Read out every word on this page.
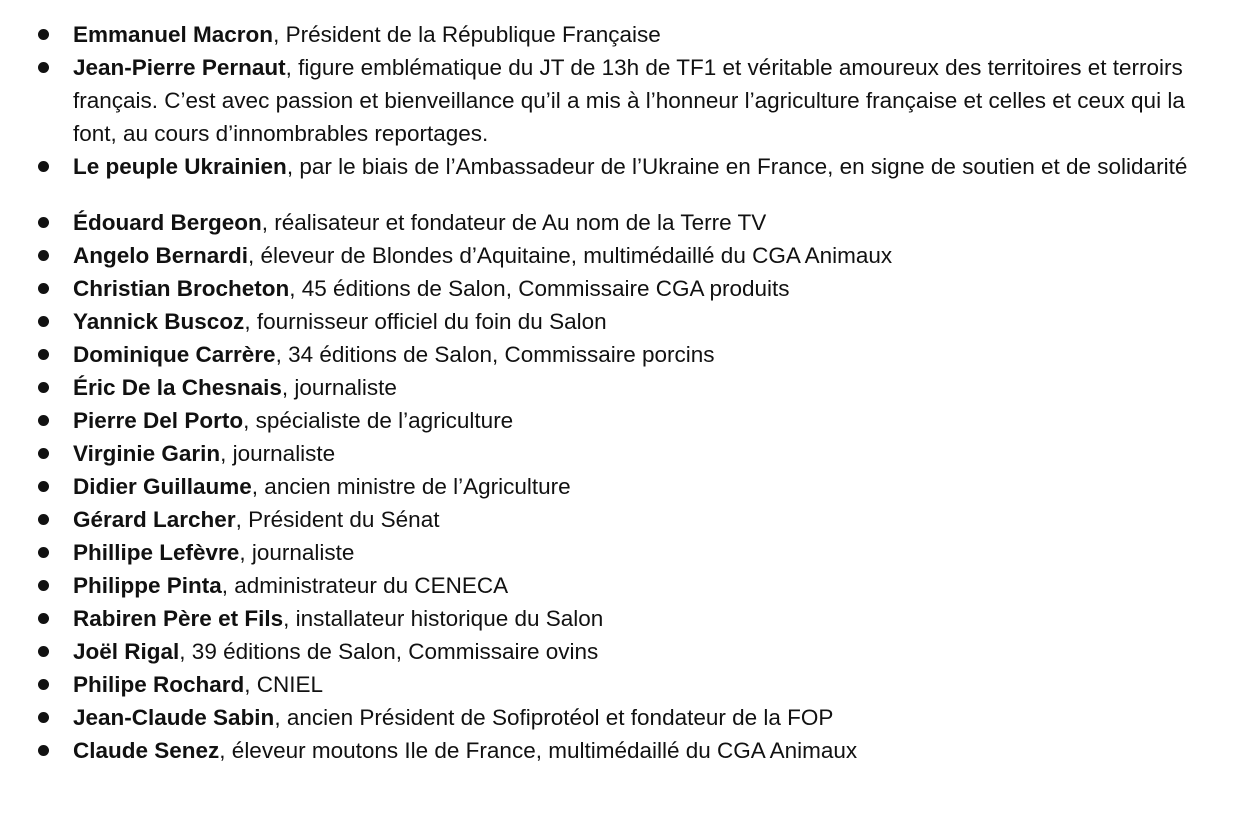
Emmanuel Macron, Président de la République Française
Jean-Pierre Pernaut, figure emblématique du JT de 13h de TF1 et véritable amoureux des territoires et terroirs français. C’est avec passion et bienveillance qu’il a mis à l’honneur l’agriculture française et celles et ceux qui la font, au cours d’innombrables reportages.
Le peuple Ukrainien, par le biais de l’Ambassadeur de l’Ukraine en France, en signe de soutien et de solidarité
Édouard Bergeon, réalisateur et fondateur de Au nom de la Terre TV
Angelo Bernardi, éleveur de Blondes d’Aquitaine, multimédaillé du CGA Animaux
Christian Brocheton, 45 éditions de Salon, Commissaire CGA produits
Yannick Buscoz, fournisseur officiel du foin du Salon
Dominique Carrère, 34 éditions de Salon, Commissaire porcins
Éric De la Chesnais, journaliste
Pierre Del Porto, spécialiste de l’agriculture
Virginie Garin, journaliste
Didier Guillaume, ancien ministre de l’Agriculture
Gérard Larcher, Président du Sénat
Phillipe Lefèvre, journaliste
Philippe Pinta, administrateur du CENECA
Rabiren Père et Fils, installateur historique du Salon
Joël Rigal, 39 éditions de Salon, Commissaire ovins
Philipe Rochard, CNIEL
Jean-Claude Sabin, ancien Président de Sofiprotéol et fondateur de la FOP
Claude Senez, éleveur moutons Ile de France, multimédaillé du CGA Animaux
